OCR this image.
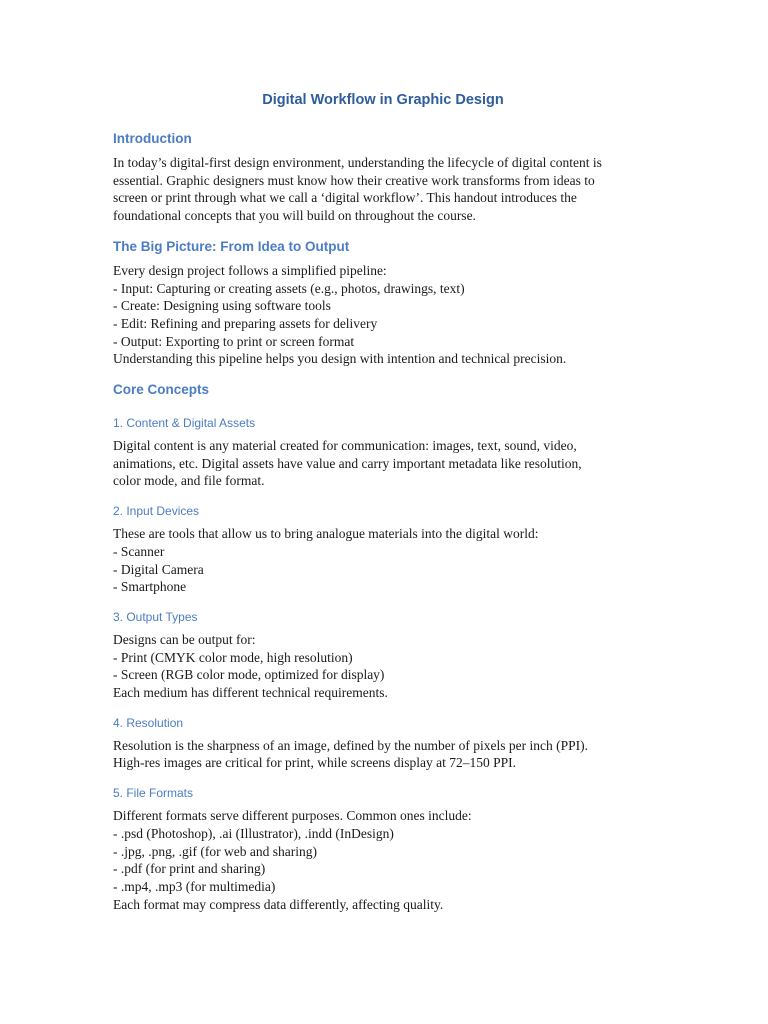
Digital Workflow in Graphic Design
Introduction

In today’s digital-first design environment, understanding the lifecycle of digital content is
essential. Graphic designers must know how their creative work transforms from ideas to
screen or print through what we call a ‘digital workflow’. This handout introduces the
foundational concepts that you will build on throughout the course.

The Big Picture: From Idea to Output

Every design project follows a simplified pipeline:
- Input: Capturing or creating assets (e.g., photos, drawings, text)
- Create: Designing using software tools
- Edit: Refining and preparing assets for delivery
- Output: Exporting to print or screen format
Understanding this pipeline helps you design with intention and technical precision.

Core Concepts
1. Content & Digital Assets

Digital content is any material created for communication: images, text, sound, video,
animations, etc. Digital assets have value and carry important metadata like resolution,
color mode, and file format.

2. Input Devices

These are tools that allow us to bring analogue materials into the digital world:
- Scanner
- Digital Camera
- Smartphone

3. Output Types

Designs can be output for:
- Print (CMYK color mode, high resolution)
- Screen (RGB color mode, optimized for display)
Each medium has different technical requirements.

4. Resolution

Resolution is the sharpness of an image, defined by the number of pixels per inch (PPI).
High-res images are critical for print, while screens display at 72–150 PPI.

5. File Formats

Different formats serve different purposes. Common ones include:
- .psd (Photoshop), .ai (Illustrator), .indd (InDesign)
- .jpg, .png, .gif (for web and sharing)
- .pdf (for print and sharing)
- .mp4, .mp3 (for multimedia)
Each format may compress data differently, affecting quality.
